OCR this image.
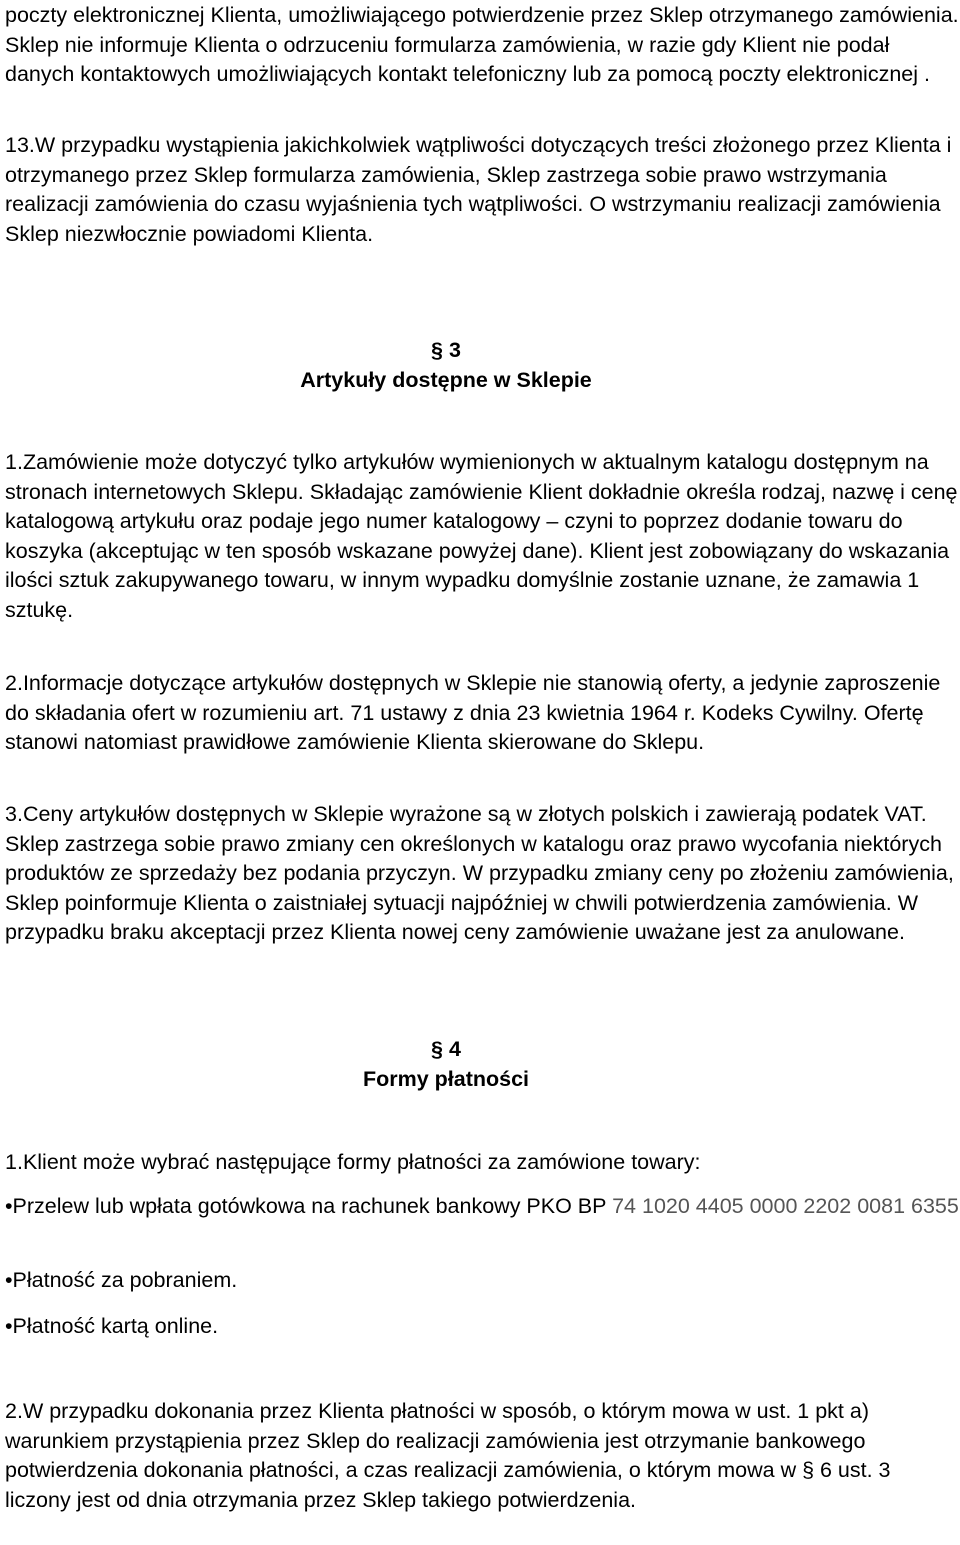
poczty elektronicznej Klienta, umożliwiającego potwierdzenie przez Sklep otrzymanego zamówienia. Sklep nie informuje Klienta o odrzuceniu formularza zamówienia, w razie gdy Klient nie podał danych kontaktowych umożliwiających kontakt telefoniczny lub za pomocą poczty elektronicznej .

13.W przypadku wystąpienia jakichkolwiek wątpliwości dotyczących treści złożonego przez Klienta i otrzymanego przez Sklep formularza zamówienia, Sklep zastrzega sobie prawo wstrzymania realizacji zamówienia do czasu wyjaśnienia tych wątpliwości. O wstrzymaniu realizacji zamówienia Sklep niezwłocznie powiadomi Klienta.

§ 3

Artykuły dostępne w Sklepie

1.Zamówienie może dotyczyć tylko artykułów wymienionych w aktualnym katalogu dostępnym na stronach internetowych Sklepu. Składając zamówienie Klient dokładnie określa rodzaj, nazwę i cenę katalogową artykułu oraz podaje jego numer katalogowy – czyni to poprzez dodanie towaru do koszyka (akceptując w ten sposób wskazane powyżej dane). Klient jest zobowiązany do wskazania ilości sztuk zakupywanego towaru, w innym wypadku domyślnie zostanie uznane, że zamawia 1 sztukę.

2.Informacje dotyczące artykułów dostępnych w Sklepie nie stanowią oferty, a jedynie zaproszenie do składania ofert w rozumieniu art. 71 ustawy z dnia 23 kwietnia 1964 r. Kodeks Cywilny. Ofertę stanowi natomiast prawidłowe zamówienie Klienta skierowane do Sklepu.

3.Ceny artykułów dostępnych w Sklepie wyrażone są w złotych polskich i zawierają podatek VAT. Sklep zastrzega sobie prawo zmiany cen określonych w katalogu oraz prawo wycofania niektórych produktów ze sprzedaży bez podania przyczyn. W przypadku zmiany ceny po złożeniu zamówienia, Sklep poinformuje Klienta o zaistniałej sytuacji najpóźniej w chwili potwierdzenia zamówienia. W przypadku braku akceptacji przez Klienta nowej ceny zamówienie uważane jest za anulowane.

§ 4

Formy płatności

1.Klient może wybrać następujące formy płatności za zamówione towary:

•Przelew lub wpłata gotówkowa na rachunek bankowy PKO BP 74 1020 4405 0000 2202 0081 6355

•Płatność za pobraniem.

•Płatność kartą online.

2.W przypadku dokonania przez Klienta płatności w sposób, o którym mowa w ust. 1 pkt a) warunkiem przystąpienia przez Sklep do realizacji zamówienia jest otrzymanie bankowego potwierdzenia dokonania płatności, a czas realizacji zamówienia, o którym mowa w § 6 ust. 3 liczony jest od dnia otrzymania przez Sklep takiego potwierdzenia.
